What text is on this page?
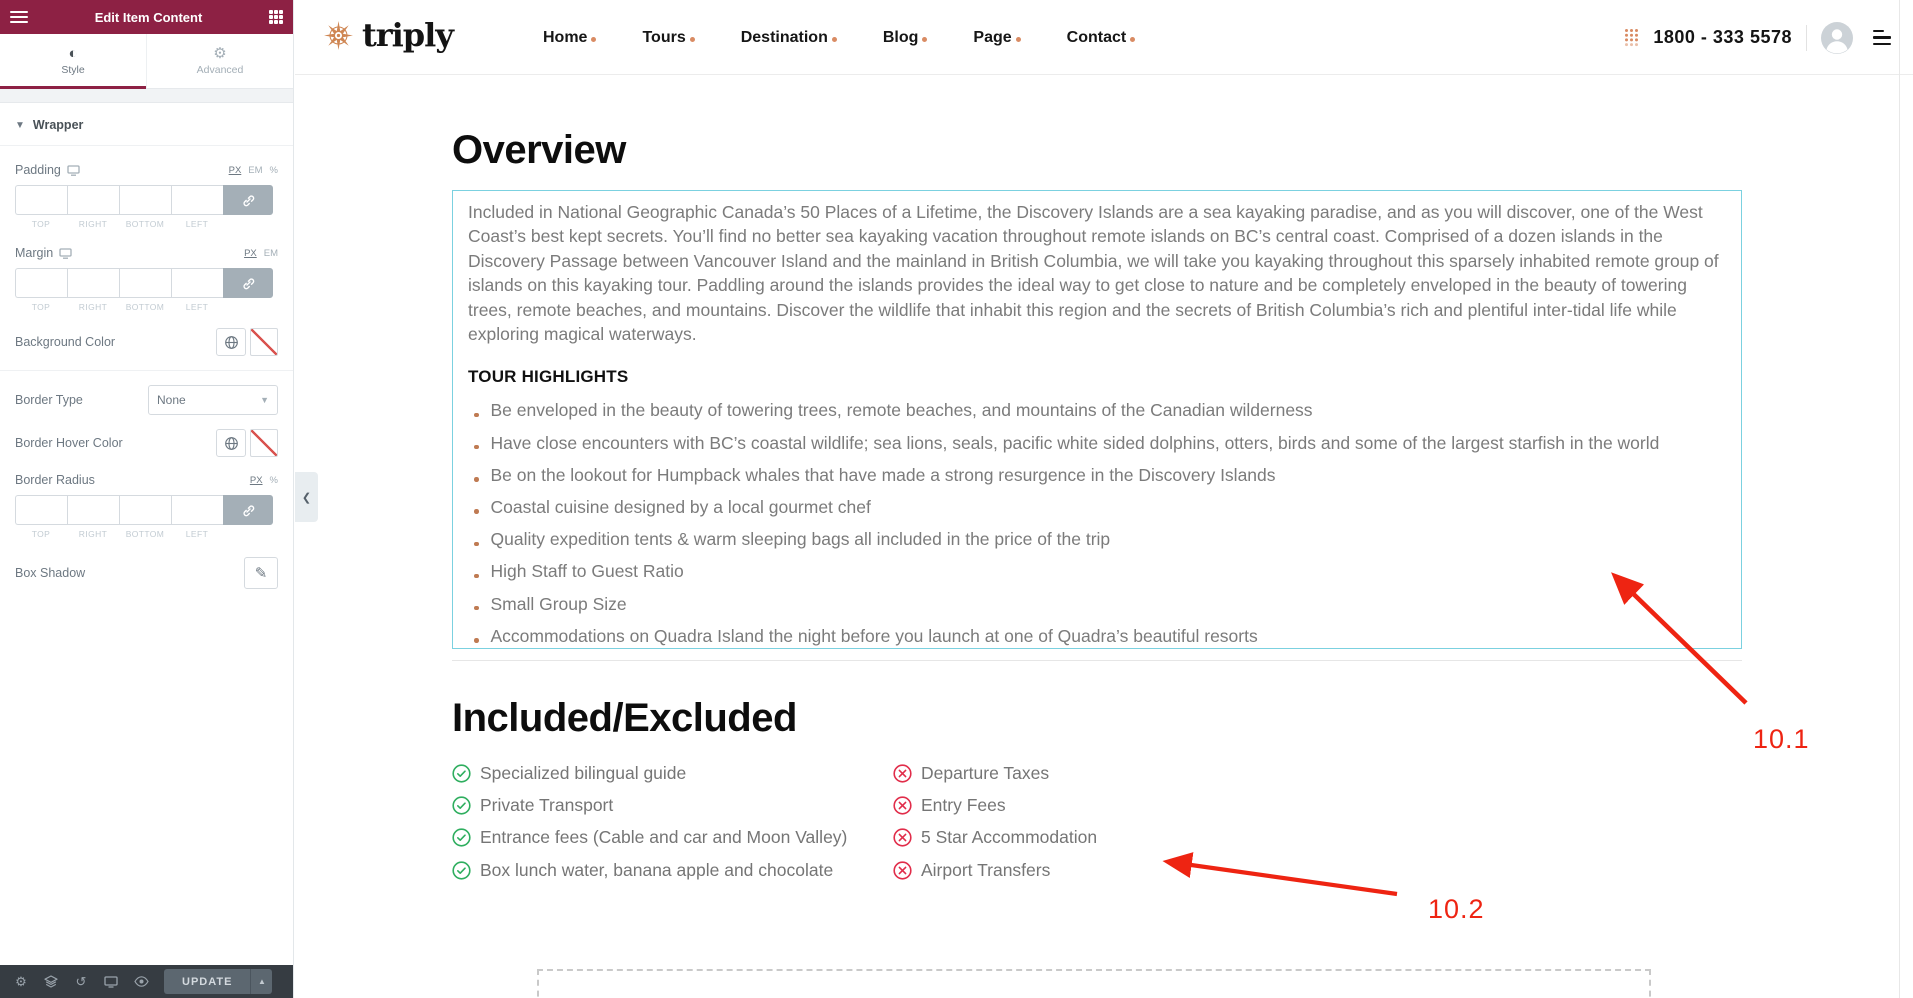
Edit Item Content
◐
Style
⚙
Advanced
▼ Wrapper
Padding	PX EM %
TOP	RIGHT	BOTTOM	LEFT
Margin	PX EM
TOP	RIGHT	BOTTOM	LEFT
Background Color
Border Type	None	▼
Border Hover Color
Border Radius	PX %
TOP	RIGHT	BOTTOM	LEFT
Box Shadow	✎
⚙	↺	UPDATE	▲
❮
triply	Home	Tours	Destination	Blog	Page	Contact	1800 - 333 5578
Overview

Included in National Geographic Canada’s 50 Places of a Lifetime, the Discovery Islands are a sea kayaking paradise, and as you will discover, one of the West Coast’s best kept secrets. You’ll find no better sea kayaking vacation throughout remote islands on BC’s central coast. Comprised of a dozen islands in the Discovery Passage between Vancouver Island and the mainland in British Columbia, we will take you kayaking throughout this sparsely inhabited remote group of islands on this kayaking tour. Paddling around the islands provides the ideal way to get close to nature and be completely enveloped in the beauty of towering trees, remote beaches, and mountains. Discover the wildlife that inhabit this region and the secrets of British Columbia’s rich and plentiful inter-tidal life while exploring magical waterways.

TOUR HIGHLIGHTS
Be enveloped in the beauty of towering trees, remote beaches, and mountains of the Canadian wilderness
Have close encounters with BC’s coastal wildlife; sea lions, seals, pacific white sided dolphins, otters, birds and some of the largest starfish in the world
Be on the lookout for Humpback whales that have made a strong resurgence in the Discovery Islands
Coastal cuisine designed by a local gourmet chef
Quality expedition tents & warm sleeping bags all included in the price of the trip
High Staff to Guest Ratio
Small Group Size
Accommodations on Quadra Island the night before you launch at one of Quadra’s beautiful resorts
Included/Excluded
Specialized bilingual guide
Private Transport
Entrance fees (Cable and car and Moon Valley)
Box lunch water, banana apple and chocolate
Departure Taxes
Entry Fees
5 Star Accommodation
Airport Transfers
10.1
10.2
